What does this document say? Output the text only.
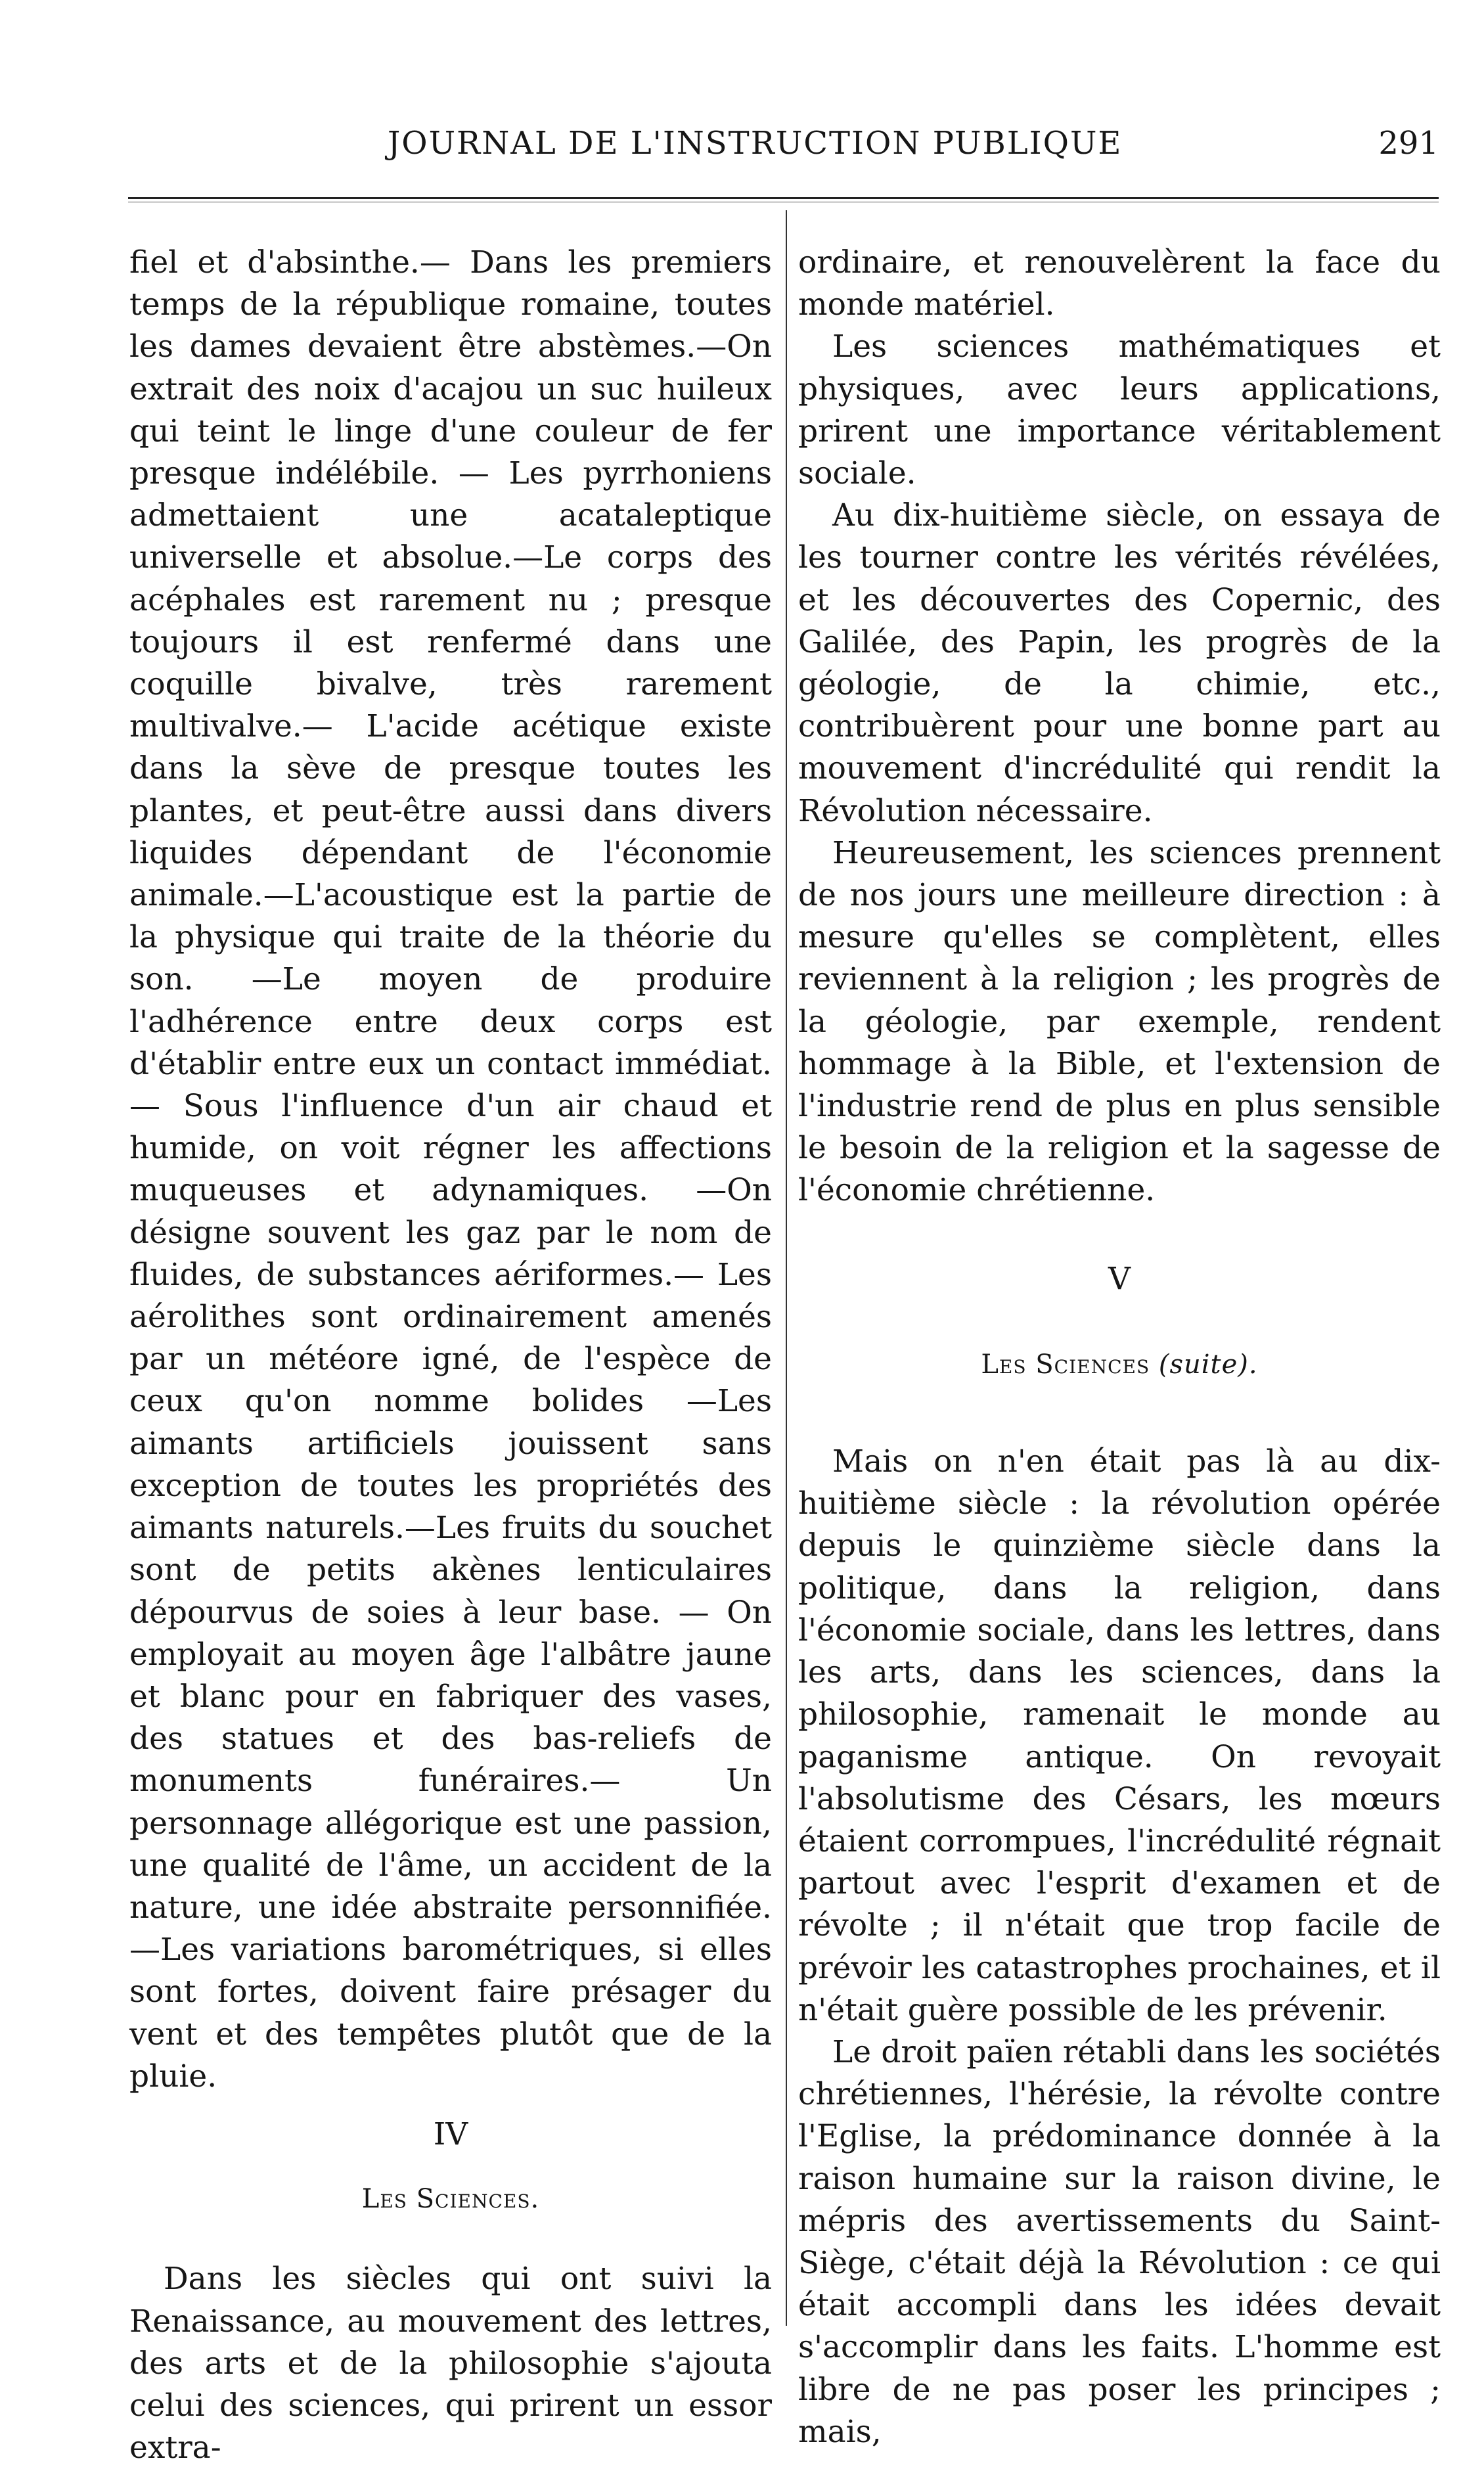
JOURNAL DE L'INSTRUCTION PUBLIQUE	291

fiel et d'absinthe.— Dans les premiers temps de la république romaine, toutes les dames devaient être abstèmes.—On extrait des noix d'acajou un suc huileux qui teint le linge d'une couleur de fer presque indélébile. — Les pyrrhoniens admettaient une acataleptique universelle et absolue.—Le corps des acéphales est rarement nu ; presque toujours il est renfermé dans une coquille bivalve, très rarement multivalve.— L'acide acétique existe dans la sève de presque toutes les plantes, et peut-être aussi dans divers liquides dépendant de l'économie animale.—L'acoustique est la partie de la physique qui traite de la théorie du son. —Le moyen de produire l'adhérence entre deux corps est d'établir entre eux un contact immédiat.— Sous l'influence d'un air chaud et humide, on voit régner les affections muqueuses et adynamiques. —On désigne souvent les gaz par le nom de fluides, de substances aériformes.— Les aérolithes sont ordinairement amenés par un météore igné, de l'espèce de ceux qu'on nomme bolides —Les aimants artificiels jouissent sans exception de toutes les propriétés des aimants naturels.—Les fruits du souchet sont de petits akènes lenticulaires dépourvus de soies à leur base. — On employait au moyen âge l'albâtre jaune et blanc pour en fabriquer des vases, des statues et des bas-reliefs de monuments funéraires.— Un personnage allégorique est une passion, une qualité de l'âme, un accident de la nature, une idée abstraite personnifiée.—Les variations barométriques, si elles sont fortes, doivent faire présager du vent et des tempêtes plutôt que de la pluie.

IV

Les Sciences.

Dans les siècles qui ont suivi la Renaissance, au mouvement des lettres, des arts et de la philosophie s'ajouta celui des sciences, qui prirent un essor extra-

ordinaire, et renouvelèrent la face du monde matériel.

Les sciences mathématiques et physiques, avec leurs applications, prirent une importance véritablement sociale.

Au dix-huitième siècle, on essaya de les tourner contre les vérités révélées, et les découvertes des Copernic, des Galilée, des Papin, les progrès de la géologie, de la chimie, etc., contribuèrent pour une bonne part au mouvement d'incrédulité qui rendit la Révolution nécessaire.

Heureusement, les sciences prennent de nos jours une meilleure direction : à mesure qu'elles se complètent, elles reviennent à la religion ; les progrès de la géologie, par exemple, rendent hommage à la Bible, et l'extension de l'industrie rend de plus en plus sensible le besoin de la religion et la sagesse de l'économie chrétienne.

V

Les Sciences (suite).

Mais on n'en était pas là au dix-huitième siècle : la révolution opérée depuis le quinzième siècle dans la politique, dans la religion, dans l'économie sociale, dans les lettres, dans les arts, dans les sciences, dans la philosophie, ramenait le monde au paganisme antique. On revoyait l'absolutisme des Césars, les mœurs étaient corrompues, l'incrédulité régnait partout avec l'esprit d'examen et de révolte ; il n'était que trop facile de prévoir les catastrophes prochaines, et il n'était guère possible de les prévenir.

Le droit païen rétabli dans les sociétés chrétiennes, l'hérésie, la révolte contre l'Eglise, la prédominance donnée à la raison humaine sur la raison divine, le mépris des avertissements du Saint-Siège, c'était déjà la Révolution : ce qui était accompli dans les idées devait s'accomplir dans les faits. L'homme est libre de ne pas poser les principes ; mais,
